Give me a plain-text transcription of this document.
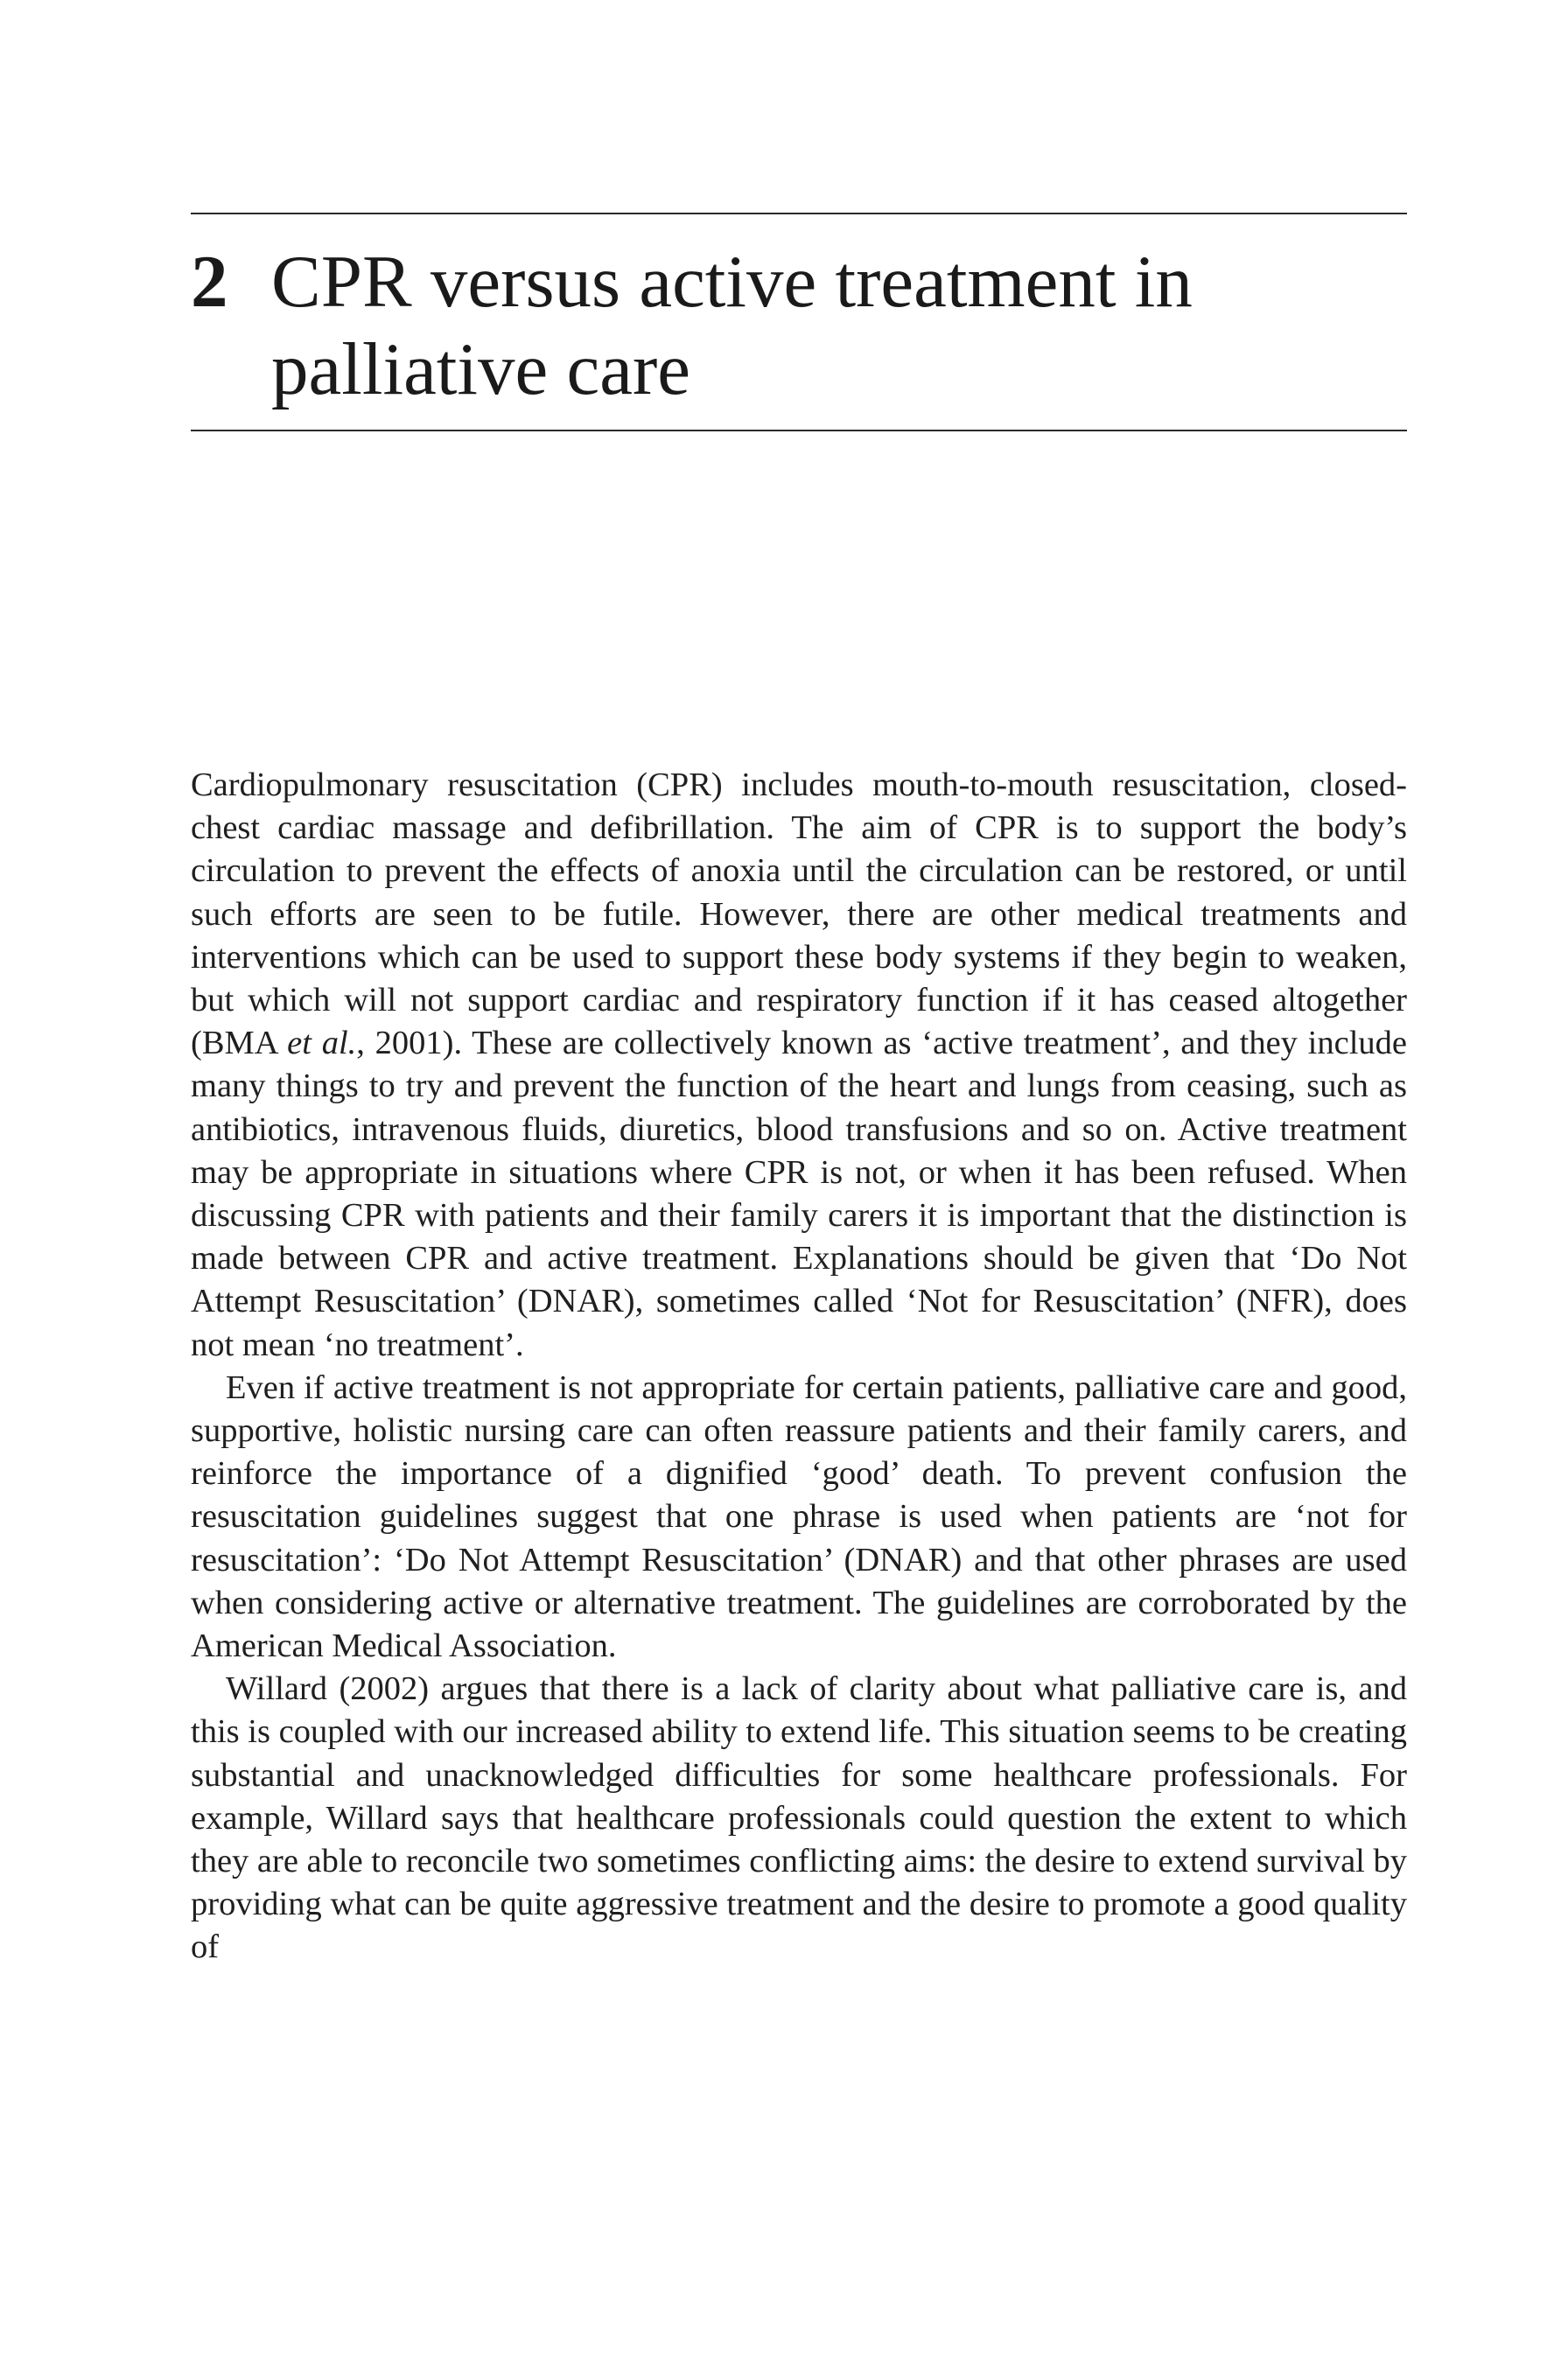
2 CPR versus active treatment in palliative care

Cardiopulmonary resuscitation (CPR) includes mouth-to-mouth resuscitation, closed-chest cardiac massage and defibrillation. The aim of CPR is to support the body’s circulation to prevent the effects of anoxia until the circulation can be restored, or until such efforts are seen to be futile. However, there are other medical treatments and interventions which can be used to support these body systems if they begin to weaken, but which will not support cardiac and respiratory function if it has ceased altogether (BMA et al., 2001). These are collectively known as ‘active treatment’, and they include many things to try and prevent the function of the heart and lungs from ceasing, such as antibiotics, intravenous fluids, diuretics, blood transfusions and so on. Active treatment may be appropriate in situations where CPR is not, or when it has been refused. When discussing CPR with patients and their family carers it is important that the distinction is made between CPR and active treatment. Explanations should be given that ‘Do Not Attempt Resuscitation’ (DNAR), sometimes called ‘Not for Resuscitation’ (NFR), does not mean ‘no treatment’.

Even if active treatment is not appropriate for certain patients, palliative care and good, supportive, holistic nursing care can often reassure patients and their family carers, and reinforce the importance of a dignified ‘good’ death. To prevent confusion the resuscitation guidelines suggest that one phrase is used when patients are ‘not for resuscitation’: ‘Do Not Attempt Resuscitation’ (DNAR) and that other phrases are used when considering active or alternative treatment. The guidelines are corroborated by the American Medical Association.

Willard (2002) argues that there is a lack of clarity about what palliative care is, and this is coupled with our increased ability to extend life. This situation seems to be creating substantial and unacknowledged difficulties for some healthcare professionals. For example, Willard says that healthcare professionals could question the extent to which they are able to reconcile two sometimes conflicting aims: the desire to extend survival by providing what can be quite aggressive treatment and the desire to promote a good quality of
